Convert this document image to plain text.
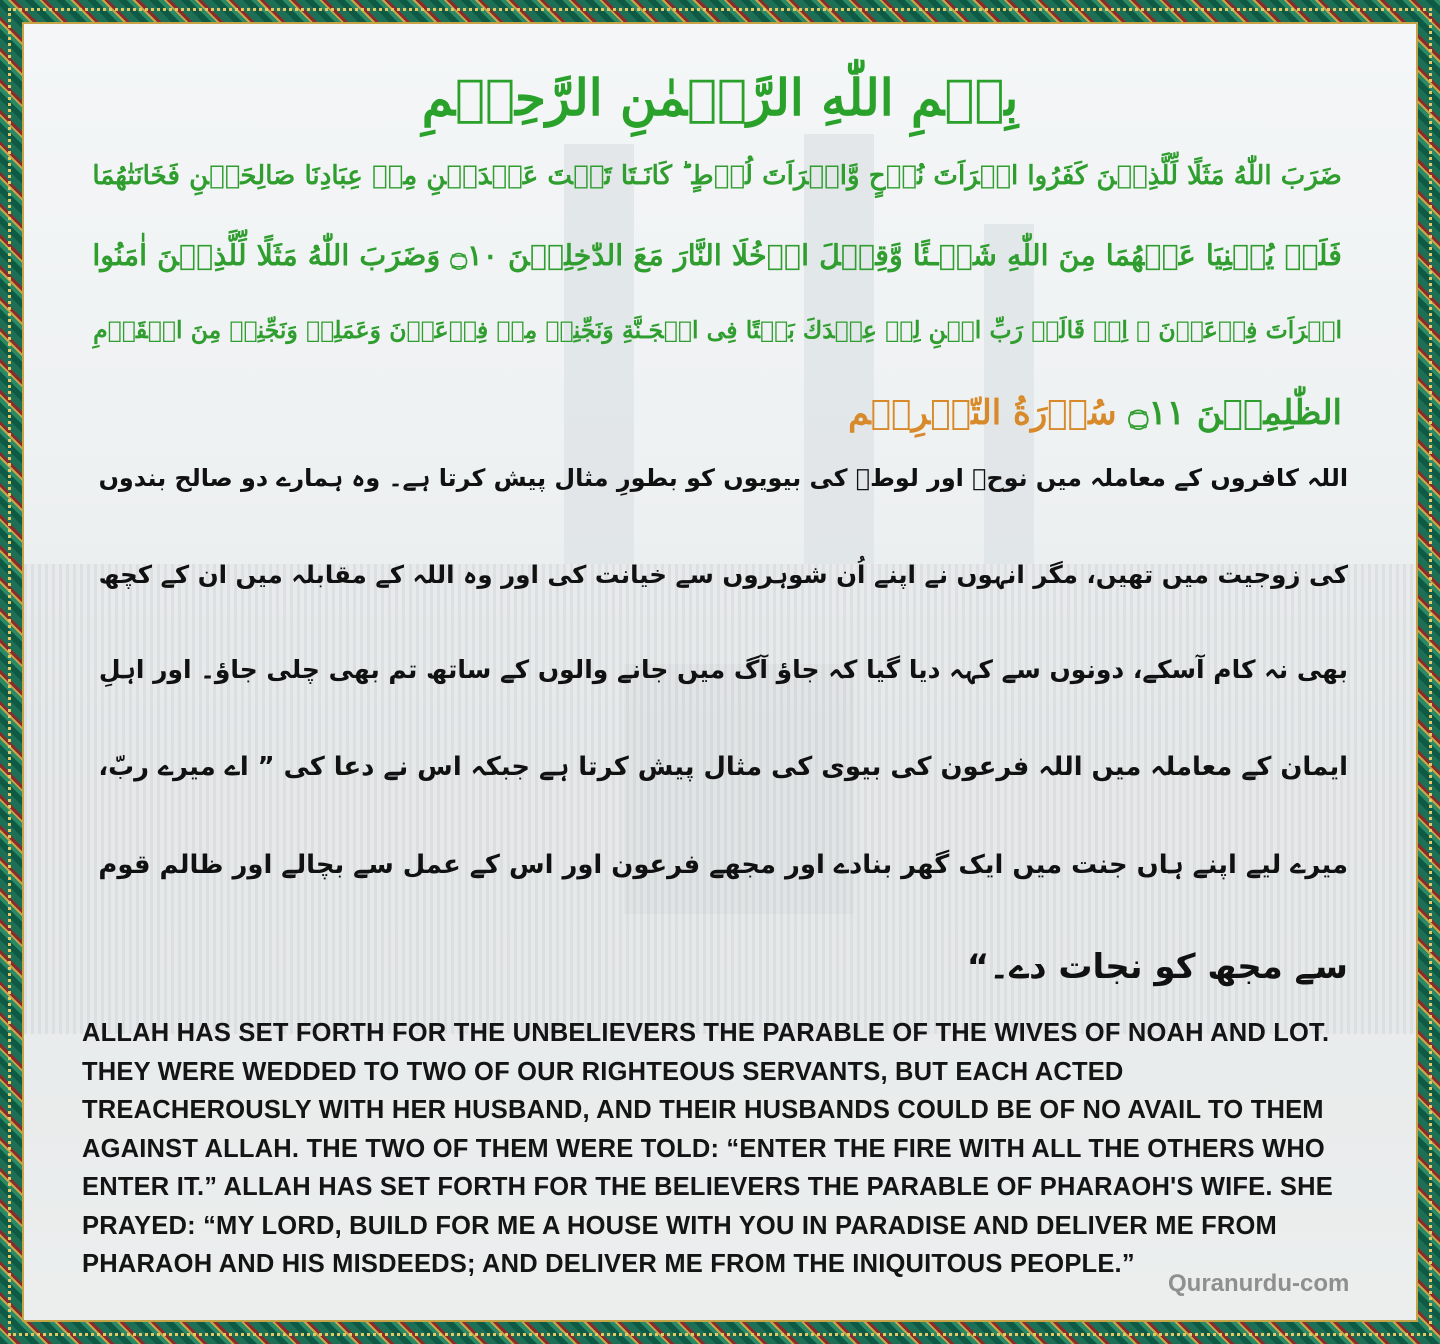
بِسۡمِ اللّٰهِ الرَّحۡمٰنِ الرَّحِيۡمِ
ضَرَبَ اللّٰهُ مَثَلًا لِّلَّذِيۡنَ كَفَرُوا امۡرَاَتَ نُوۡحٍ وَّامۡرَاَتَ لُوۡطٍ ؕ كَانَـتَا تَحۡتَ عَبۡدَيۡنِ مِنۡ عِبَادِنَا صَالِحَيۡنِ فَخَانَتٰهُمَا
فَلَمۡ يُغۡنِيَا عَنۡهُمَا مِنَ اللّٰهِ شَيۡـئًا وَّقِيۡلَ ادۡخُلَا النَّارَ مَعَ الدّٰخِلِيۡنَ ۝١٠ وَضَرَبَ اللّٰهُ مَثَلًا لِّلَّذِيۡنَ اٰمَنُوا
امۡرَاَتَ فِرۡعَوۡنَ ۘ اِذۡ قَالَتۡ رَبِّ ابۡنِ لِىۡ عِنۡدَكَ بَيۡتًا فِى الۡجَـنَّةِ وَنَجِّنِىۡ مِنۡ فِرۡعَوۡنَ وَعَمَلِهٖ وَنَجِّنِىۡ مِنَ الۡقَوۡمِ
الظّٰلِمِيۡنَ ۝١١ سُوۡرَةُ التّحۡرِيۡم
اللہ کافروں کے معاملہ میں نوحؑ اور لوطؑ کی بیویوں کو بطورِ مثال پیش کرتا ہے۔ وہ ہمارے دو صالح بندوں
کی زوجیت میں تھیں، مگر انہوں نے اپنے اُن شوہروں سے خیانت کی اور وہ اللہ کے مقابلہ میں ان کے کچھ
بھی نہ کام آسکے، دونوں سے کہہ دیا گیا کہ جاؤ آگ میں جانے والوں کے ساتھ تم بھی چلی جاؤ۔ اور اہلِ
ایمان کے معاملہ میں اللہ فرعون کی بیوی کی مثال پیش کرتا ہے جبکہ اس نے دعا کی ” اے میرے ربّ،
میرے لیے اپنے ہاں جنت میں ایک گھر بنادے اور مجھے فرعون اور اس کے عمل سے بچالے اور ظالم قوم
سے مجھ کو نجات دے۔“
ALLAH HAS SET FORTH FOR THE UNBELIEVERS THE PARABLE OF THE WIVES OF NOAH AND LOT.
THEY WERE WEDDED TO TWO OF OUR RIGHTEOUS SERVANTS, BUT EACH ACTED
TREACHEROUSLY WITH HER HUSBAND, AND THEIR HUSBANDS COULD BE OF NO AVAIL TO THEM
AGAINST ALLAH. THE TWO OF THEM WERE TOLD: “ENTER THE FIRE WITH ALL THE OTHERS WHO
ENTER IT.” ALLAH HAS SET FORTH FOR THE BELIEVERS THE PARABLE OF PHARAOH'S WIFE. SHE
PRAYED: “MY LORD, BUILD FOR ME A HOUSE WITH YOU IN PARADISE AND DELIVER ME FROM
PHARAOH AND HIS MISDEEDS; AND DELIVER ME FROM THE INIQUITOUS PEOPLE.”
Quranurdu-com
